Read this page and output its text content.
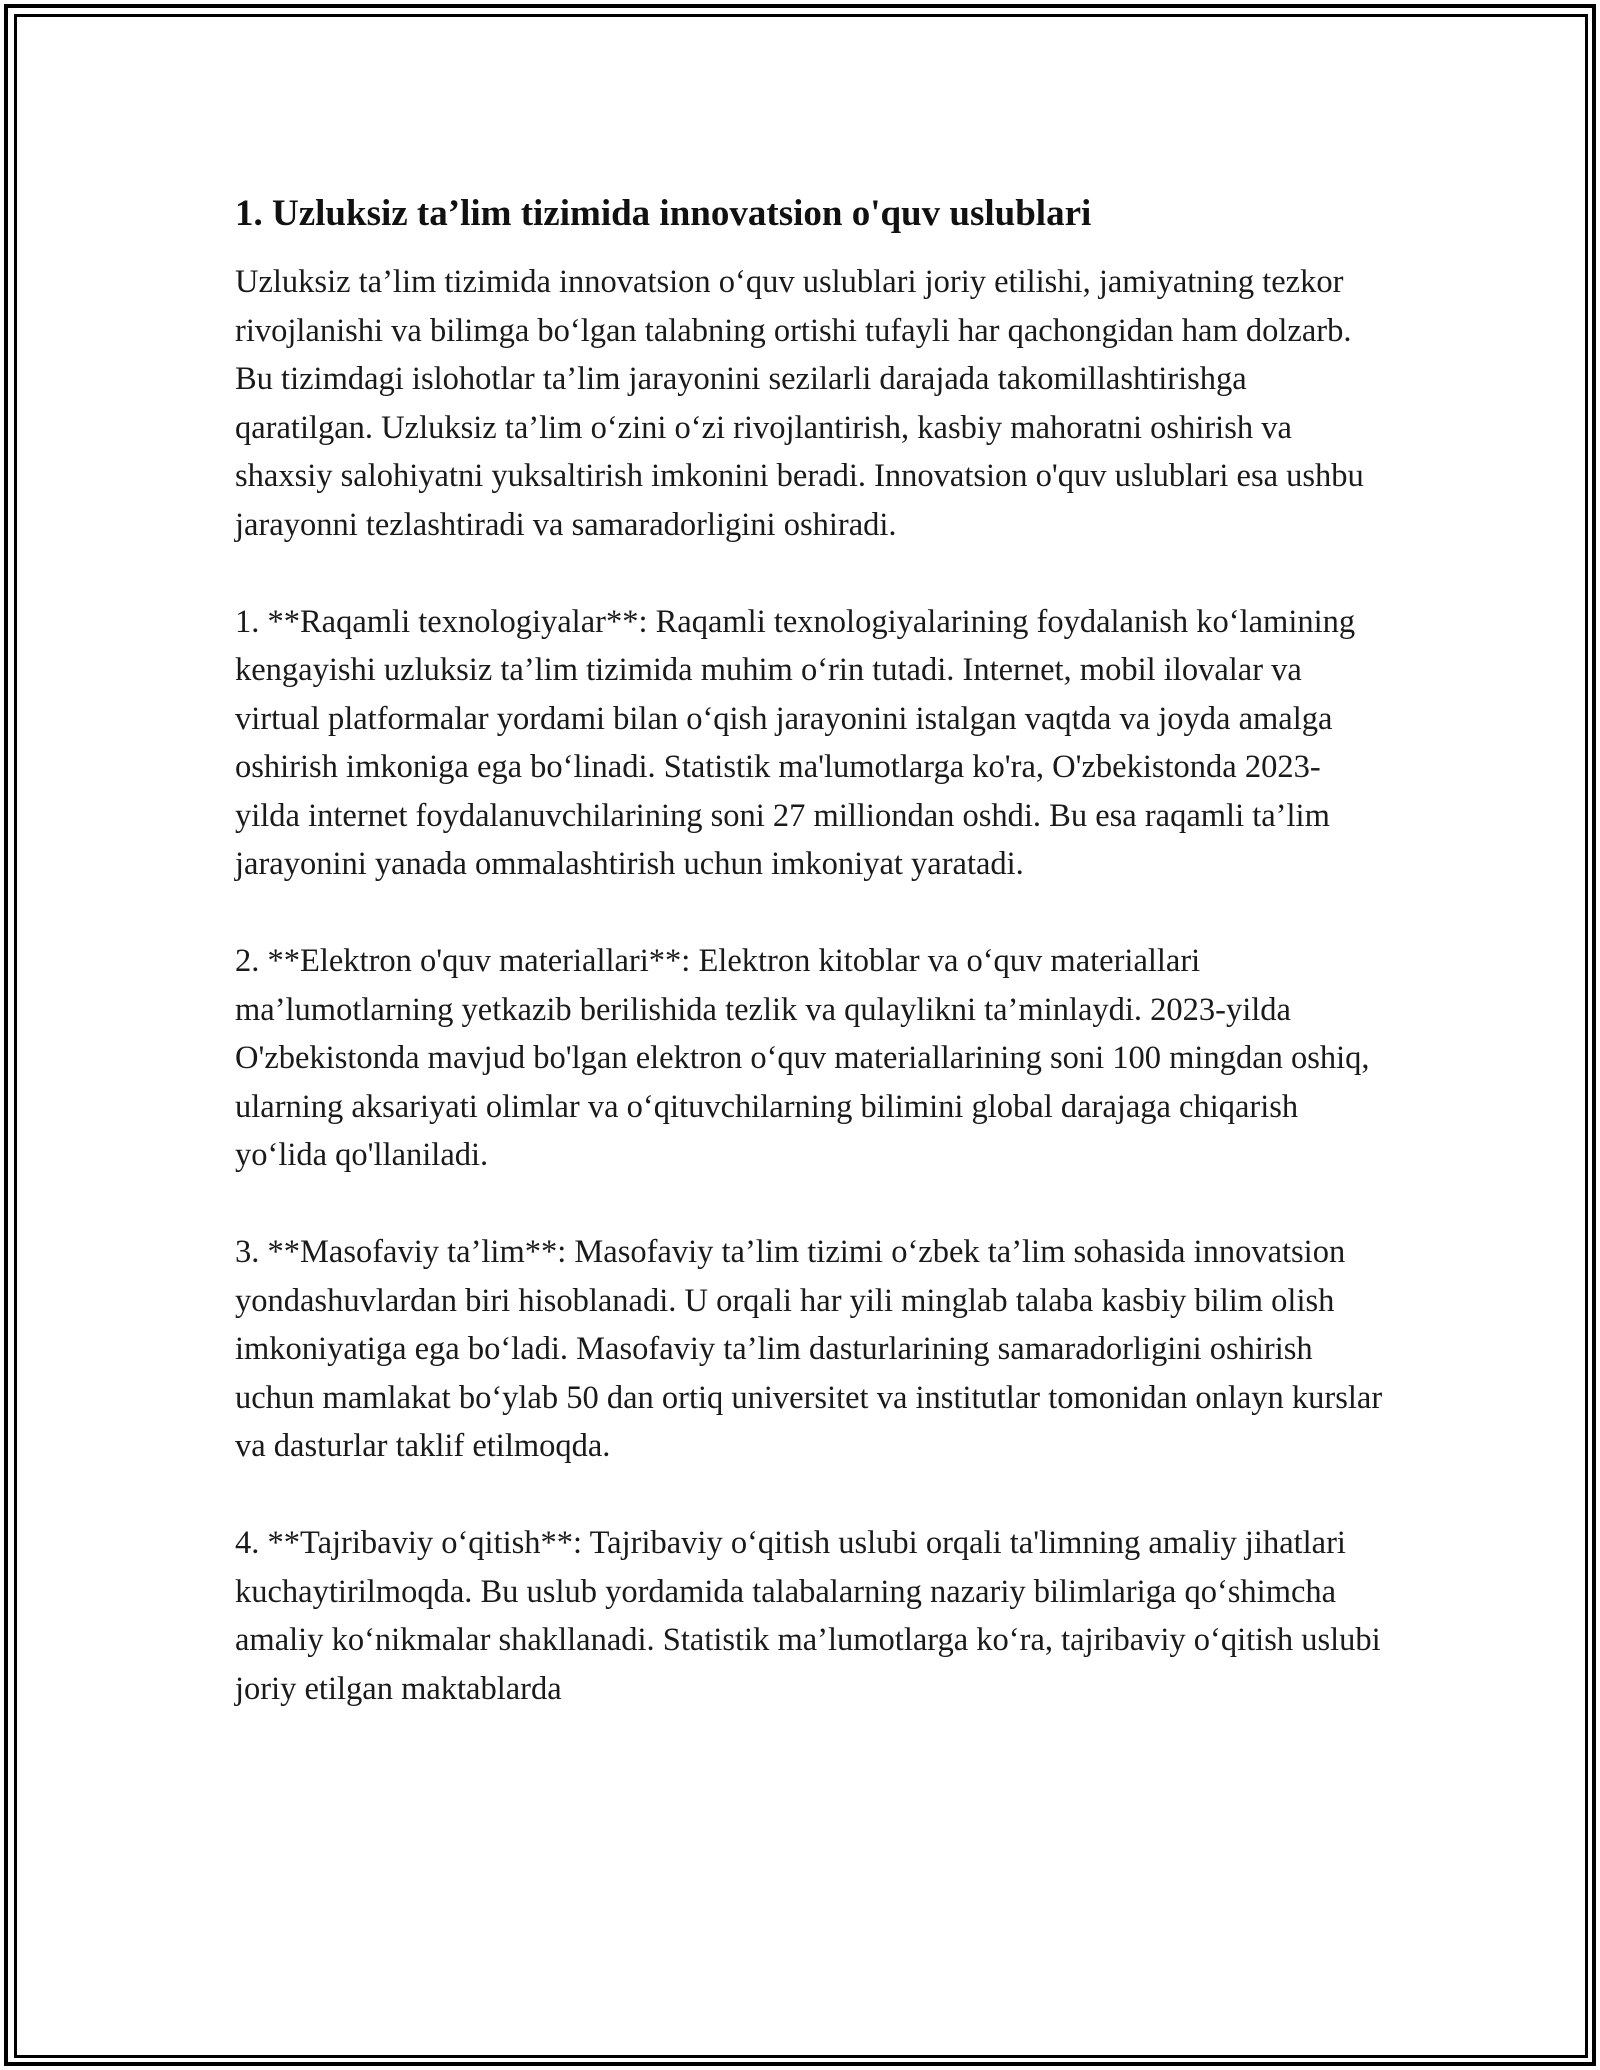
1. Uzluksiz ta’lim tizimida innovatsion o'quv uslublari

Uzluksiz ta’lim tizimida innovatsion o‘quv uslublari joriy etilishi, jamiyatning tezkor rivojlanishi va bilimga bo‘lgan talabning ortishi tufayli har qachongidan ham dolzarb. Bu tizimdagi islohotlar ta’lim jarayonini sezilarli darajada takomillashtirishga qaratilgan. Uzluksiz ta’lim o‘zini o‘zi rivojlantirish, kasbiy mahoratni oshirish va shaxsiy salohiyatni yuksaltirish imkonini beradi. Innovatsion o'quv uslublari esa ushbu jarayonni tezlashtiradi va samaradorligini oshiradi.

1. **Raqamli texnologiyalar**: Raqamli texnologiyalarining foydalanish ko‘lamining kengayishi uzluksiz ta’lim tizimida muhim o‘rin tutadi. Internet, mobil ilovalar va virtual platformalar yordami bilan o‘qish jarayonini istalgan vaqtda va joyda amalga oshirish imkoniga ega bo‘linadi. Statistik ma'lumotlarga ko'ra, O'zbekistonda 2023-yilda internet foydalanuvchilarining soni 27 milliondan oshdi. Bu esa raqamli ta’lim jarayonini yanada ommalashtirish uchun imkoniyat yaratadi.

2. **Elektron o'quv materiallari**: Elektron kitoblar va o‘quv materiallari ma’lumotlarning yetkazib berilishida tezlik va qulaylikni ta’minlaydi. 2023-yilda O'zbekistonda mavjud bo'lgan elektron o‘quv materiallarining soni 100 mingdan oshiq, ularning aksariyati olimlar va o‘qituvchilarning bilimini global darajaga chiqarish yo‘lida qo'llaniladi.

3. **Masofaviy ta’lim**: Masofaviy ta’lim tizimi o‘zbek ta’lim sohasida innovatsion yondashuvlardan biri hisoblanadi. U orqali har yili minglab talaba kasbiy bilim olish imkoniyatiga ega bo‘ladi. Masofaviy ta’lim dasturlarining samaradorligini oshirish uchun mamlakat bo‘ylab 50 dan ortiq universitet va institutlar tomonidan onlayn kurslar va dasturlar taklif etilmoqda.

4. **Tajribaviy o‘qitish**: Tajribaviy o‘qitish uslubi orqali ta'limning amaliy jihatlari kuchaytirilmoqda. Bu uslub yordamida talabalarning nazariy bilimlariga qo‘shimcha amaliy ko‘nikmalar shakllanadi. Statistik ma’lumotlarga ko‘ra, tajribaviy o‘qitish uslubi joriy etilgan maktablarda
